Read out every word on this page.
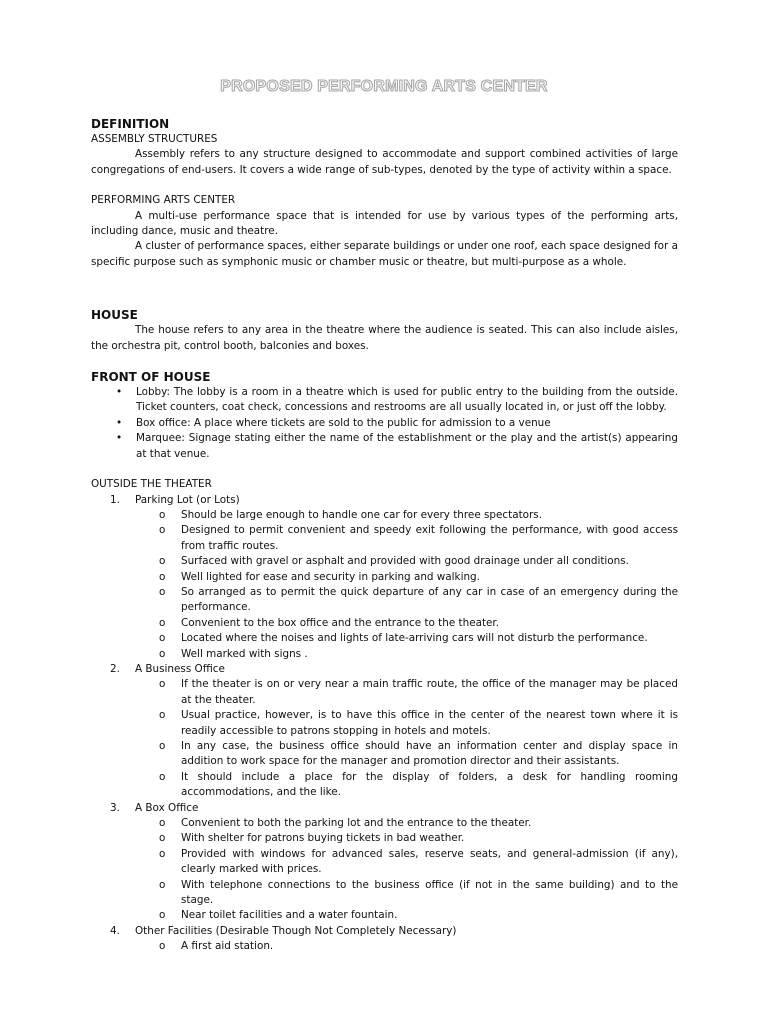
PROPOSED PERFORMING ARTS CENTER

DEFINITION

ASSEMBLY STRUCTURES

Assembly refers to any structure designed to accommodate and support combined activities of large congregations of end-users. It covers a wide range of sub-types, denoted by the type of activity within a space.

PERFORMING ARTS CENTER

A multi-use performance space that is intended for use by various types of the performing arts, including dance, music and theatre.

A cluster of performance spaces, either separate buildings or under one roof, each space designed for a specific purpose such as symphonic music or chamber music or theatre, but multi-purpose as a whole.

HOUSE

The house refers to any area in the theatre where the audience is seated. This can also include aisles, the orchestra pit, control booth, balconies and boxes.

FRONT OF HOUSE

• Lobby: The lobby is a room in a theatre which is used for public entry to the building from the outside. Ticket counters, coat check, concessions and restrooms are all usually located in, or just off the lobby.
• Box office: A place where tickets are sold to the public for admission to a venue
• Marquee: Signage stating either the name of the establishment or the play and the artist(s) appearing at that venue.

OUTSIDE THE THEATER

1. Parking Lot (or Lots)
o Should be large enough to handle one car for every three spectators.
o Designed to permit convenient and speedy exit following the performance, with good access from traffic routes.
o Surfaced with gravel or asphalt and provided with good drainage under all conditions.
o Well lighted for ease and security in parking and walking.
o So arranged as to permit the quick departure of any car in case of an emergency during the performance.
o Convenient to the box office and the entrance to the theater.
o Located where the noises and lights of late-arriving cars will not disturb the performance.
o Well marked with signs .
2. A Business Office
o If the theater is on or very near a main traffic route, the office of the manager may be placed at the theater.
o Usual practice, however, is to have this office in the center of the nearest town where it is readily accessible to patrons stopping in hotels and motels.
o In any case, the business office should have an information center and display space in addition to work space for the manager and promotion director and their assistants.
o It should include a place for the display of folders, a desk for handling rooming accommodations, and the like.
3. A Box Office
o Convenient to both the parking lot and the entrance to the theater.
o With shelter for patrons buying tickets in bad weather.
o Provided with windows for advanced sales, reserve seats, and general-admission (if any), clearly marked with prices.
o With telephone connections to the business office (if not in the same building) and to the stage.
o Near toilet facilities and a water fountain.
4. Other Facilities (Desirable Though Not Completely Necessary)
o A first aid station.
